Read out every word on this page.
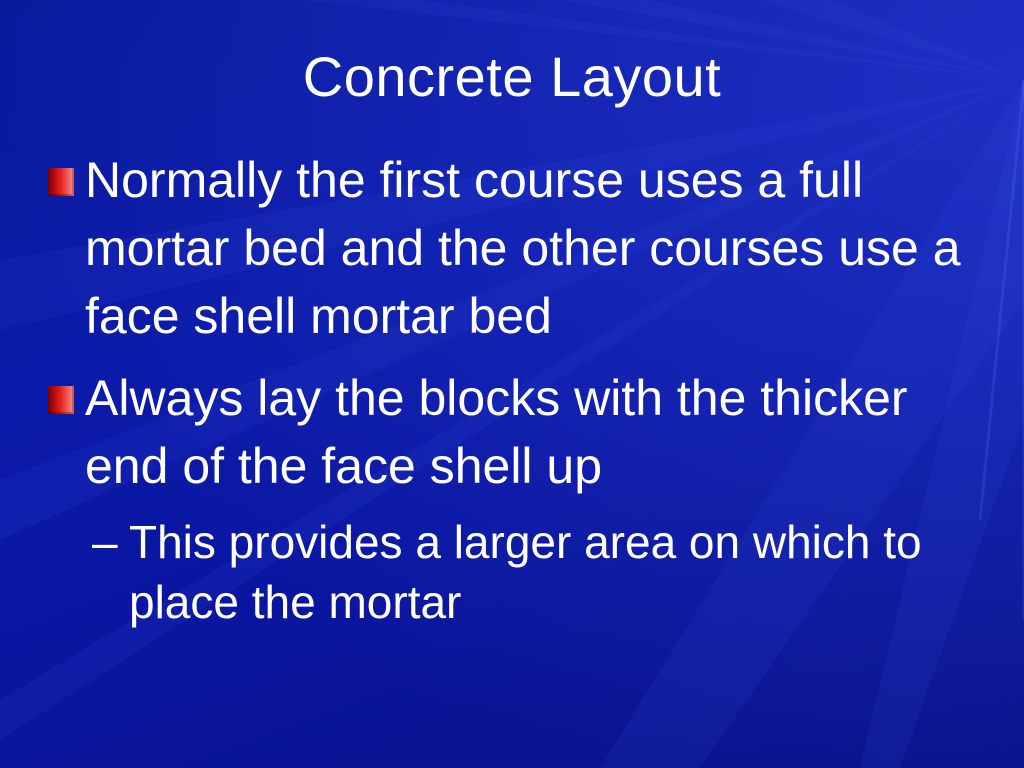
Concrete Layout
Normally the first course uses a full mortar bed and the other courses use a face shell mortar bed
Always lay the blocks with the thicker end of the face shell up
– This provides a larger area on which to place the mortar
